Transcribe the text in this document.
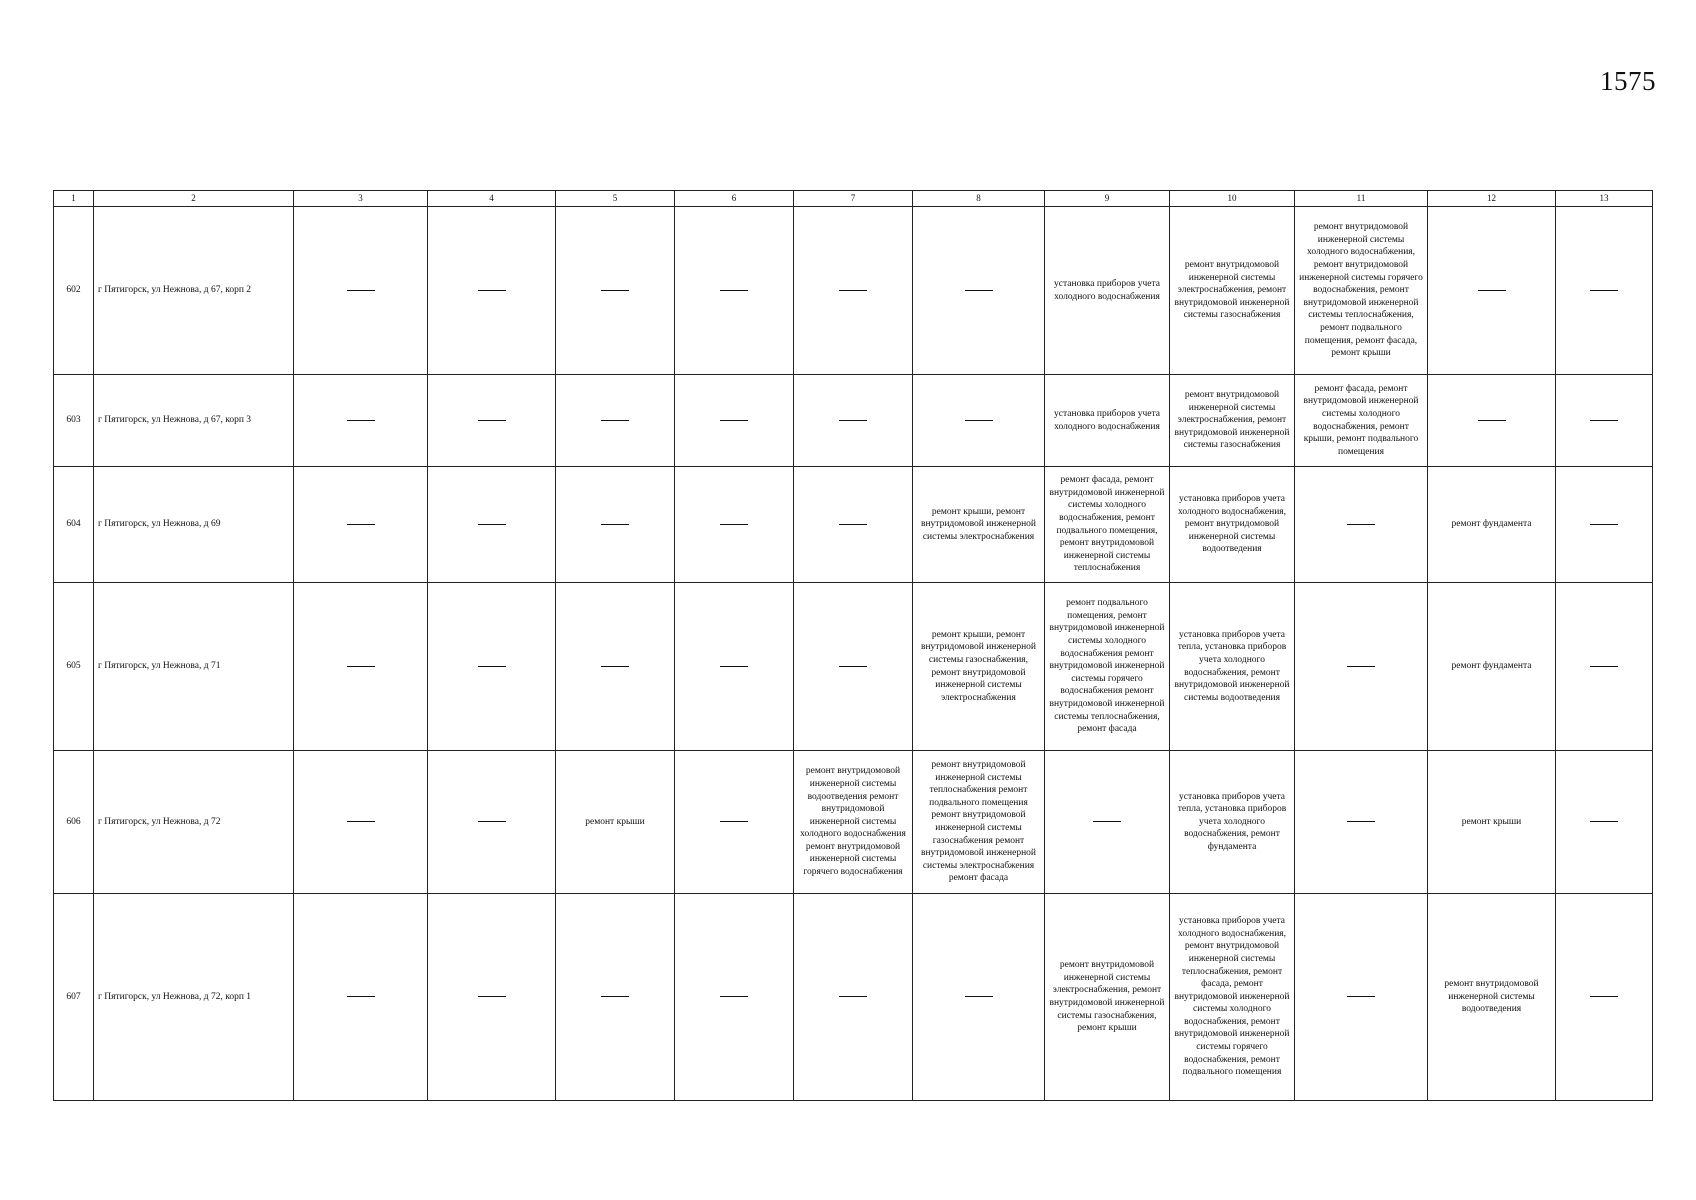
1575
1	2	3	4	5	6	7	8	9	10	11	12	13
602	г Пятигорск, ул Нежнова, д 67, корп 2							установка приборов учета холодного водоснабжения	ремонт внутридомовой инженерной системы электроснабжения, ремонт внутридомовой инженерной системы газоснабжения	ремонт внутридомовой инженерной системы холодного водоснабжения, ремонт внутридомовой инженерной системы горячего водоснабжения, ремонт внутридомовой инженерной системы теплоснабжения, ремонт подвального помещения, ремонт фасада, ремонт крыши		
603	г Пятигорск, ул Нежнова, д 67, корп 3							установка приборов учета холодного водоснабжения	ремонт внутридомовой инженерной системы электроснабжения, ремонт внутридомовой инженерной системы газоснабжения	ремонт фасада, ремонт внутридомовой инженерной системы холодного водоснабжения, ремонт крыши, ремонт подвального помещения		
604	г Пятигорск, ул Нежнова, д 69						ремонт крыши, ремонт внутридомовой инженерной системы электроснабжения	ремонт фасада, ремонт внутридомовой инженерной системы холодного водоснабжения, ремонт подвального помещения, ремонт внутридомовой инженерной системы теплоснабжения	установка приборов учета холодного водоснабжения, ремонт внутридомовой инженерной системы водоотведения		ремонт фундамента	
605	г Пятигорск, ул Нежнова, д 71						ремонт крыши, ремонт внутридомовой инженерной системы газоснабжения, ремонт внутридомовой инженерной системы электроснабжения	ремонт подвального помещения, ремонт внутридомовой инженерной системы холодного водоснабжения ремонт внутридомовой инженерной системы горячего водоснабжения ремонт внутридомовой инженерной системы теплоснабжения, ремонт фасада	установка приборов учета тепла, установка приборов учета холодного водоснабжения, ремонт внутридомовой инженерной системы водоотведения		ремонт фундамента	
606	г Пятигорск, ул Нежнова, д 72			ремонт крыши		ремонт внутридомовой инженерной системы водоотведения ремонт внутридомовой инженерной системы холодного водоснабжения ремонт внутридомовой инженерной системы горячего водоснабжения	ремонт внутридомовой инженерной системы теплоснабжения ремонт подвального помещения ремонт внутридомовой инженерной системы газоснабжения ремонт внутридомовой инженерной системы электроснабжения ремонт фасада		установка приборов учета тепла, установка приборов учета холодного водоснабжения, ремонт фундамента		ремонт крыши	
607	г Пятигорск, ул Нежнова, д 72, корп 1							ремонт внутридомовой инженерной системы электроснабжения, ремонт внутридомовой инженерной системы газоснабжения, ремонт крыши	установка приборов учета холодного водоснабжения, ремонт внутридомовой инженерной системы теплоснабжения, ремонт фасада, ремонт внутридомовой инженерной системы холодного водоснабжения, ремонт внутридомовой инженерной системы горячего водоснабжения, ремонт подвального помещения		ремонт внутридомовой инженерной системы водоотведения	
